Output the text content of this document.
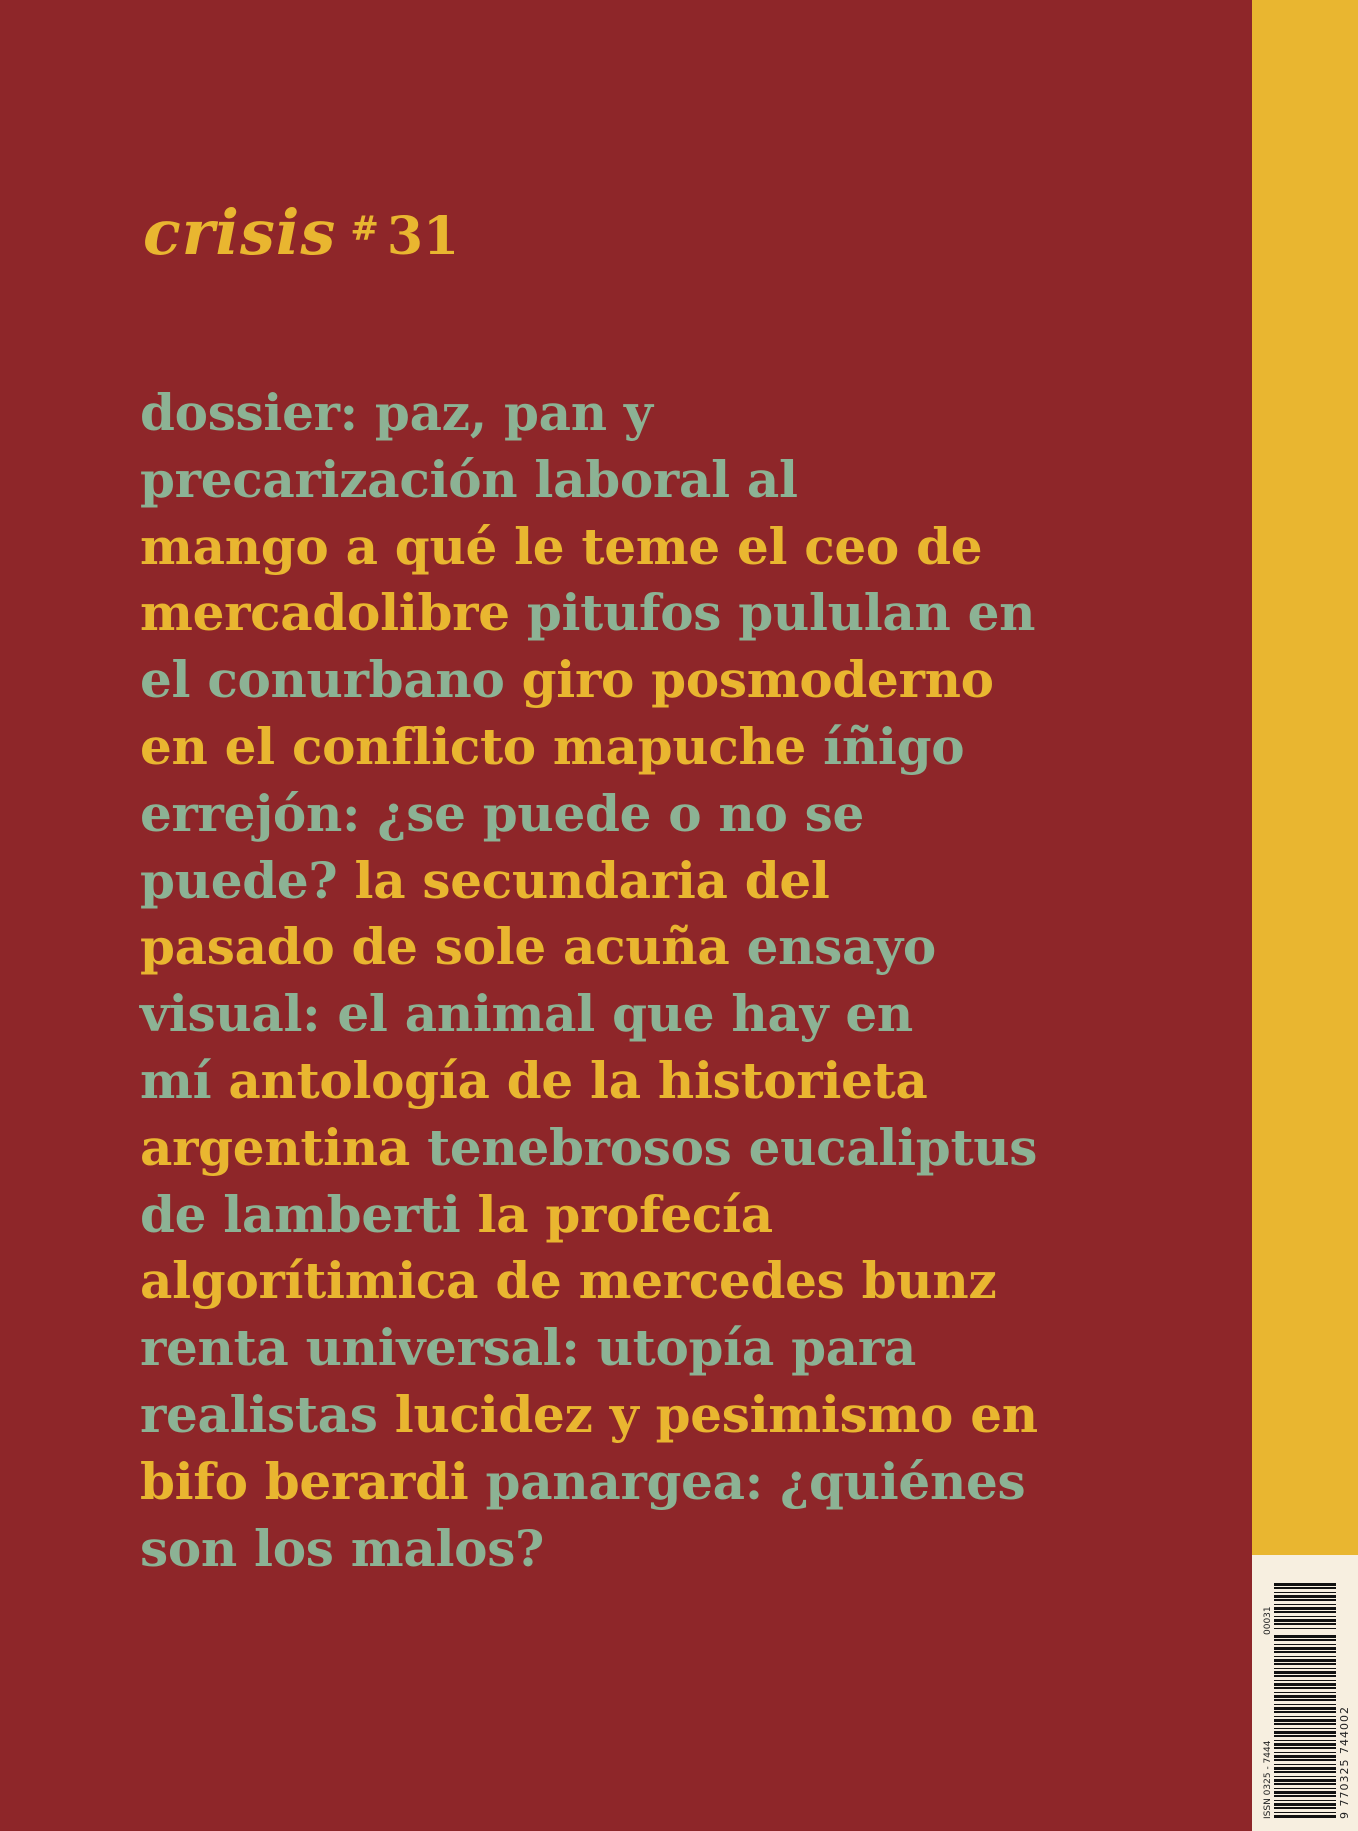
crisis # 31
dossier: paz, pan y
precarización laboral al
mango a qué le teme el ceo de
mercadolibre pitufos pululan en
el conurbano giro posmoderno
en el conflicto mapuche íñigo
errejón: ¿se puede o no se
puede? la secundaria del
pasado de sole acuña ensayo
visual: el animal que hay en
mí antología de la historieta
argentina tenebrosos eucaliptus
de lamberti la profecía
algorítimica de mercedes bunz
renta universal: utopía para
realistas lucidez y pesimismo en
bifo berardi panargea: ¿quiénes
son los malos?
ISSN 0325 - 7444
00031
9 770325 744002
